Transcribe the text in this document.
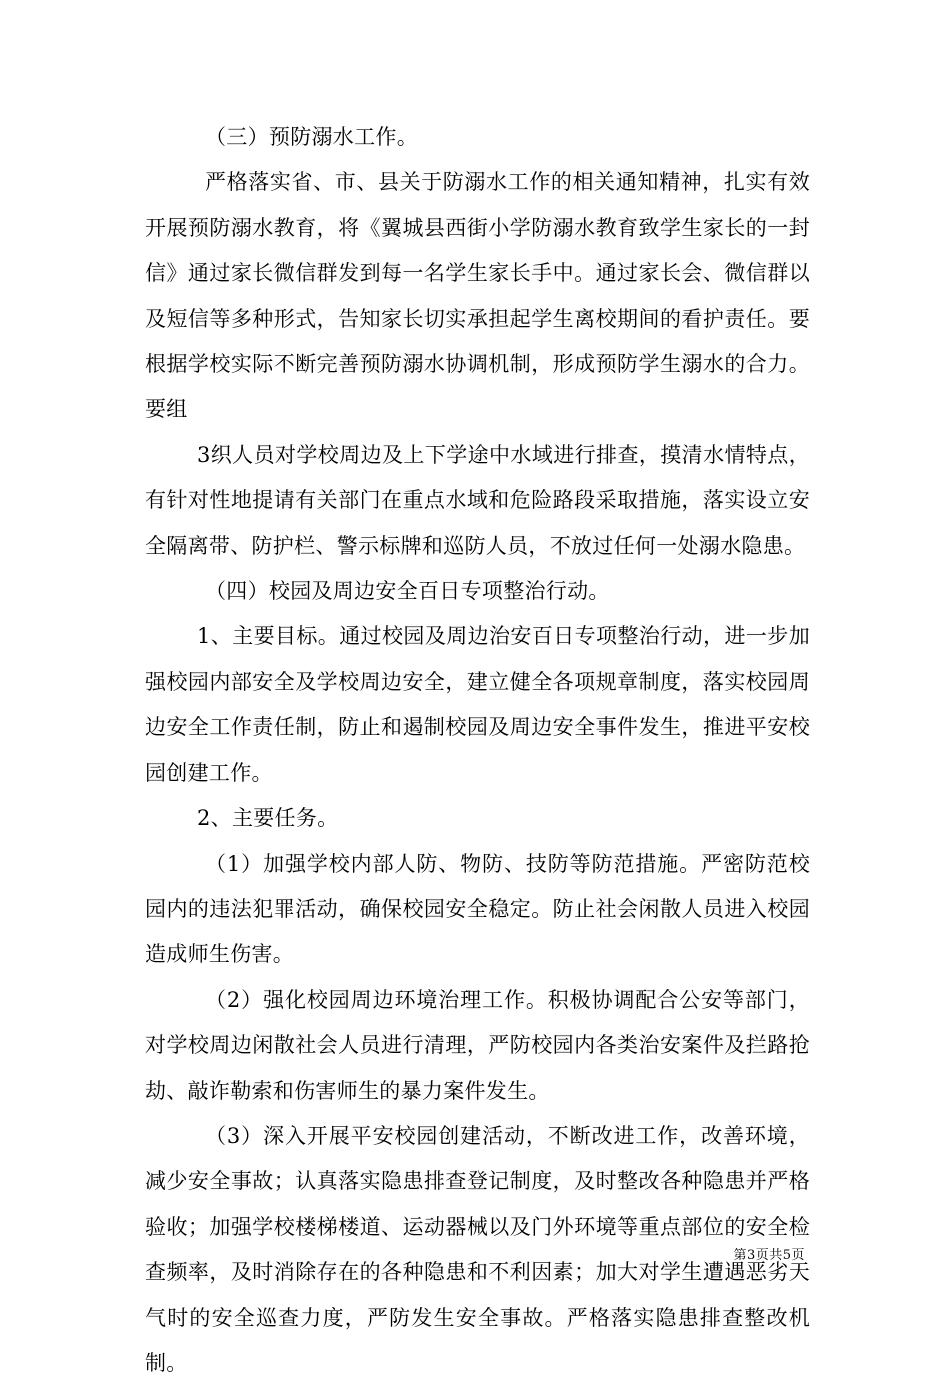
（三）预防溺水工作。

严格落实省、市、县关于防溺水工作的相关通知精神，扎实有效开展预防溺水教育，将《翼城县西街小学防溺水教育致学生家长的一封信》通过家长微信群发到每一名学生家长手中。通过家长会、微信群以及短信等多种形式，告知家长切实承担起学生离校期间的看护责任。要根据学校实际不断完善预防溺水协调机制，形成预防学生溺水的合力。要组

3织人员对学校周边及上下学途中水域进行排查，摸清水情特点，有针对性地提请有关部门在重点水域和危险路段采取措施，落实设立安全隔离带、防护栏、警示标牌和巡防人员，不放过任何一处溺水隐患。

（四）校园及周边安全百日专项整治行动。

1、主要目标。通过校园及周边治安百日专项整治行动，进一步加强校园内部安全及学校周边安全，建立健全各项规章制度，落实校园周边安全工作责任制，防止和遏制校园及周边安全事件发生，推进平安校园创建工作。

2、主要任务。

（1）加强学校内部人防、物防、技防等防范措施。严密防范校园内的违法犯罪活动，确保校园安全稳定。防止社会闲散人员进入校园造成师生伤害。

（2）强化校园周边环境治理工作。积极协调配合公安等部门，对学校周边闲散社会人员进行清理，严防校园内各类治安案件及拦路抢劫、敲诈勒索和伤害师生的暴力案件发生。

（3）深入开展平安校园创建活动，不断改进工作，改善环境，减少安全事故；认真落实隐患排查登记制度，及时整改各种隐患并严格验收；加强学校楼梯楼道、运动器械以及门外环境等重点部位的安全检查频率，及时消除存在的各种隐患和不利因素；加大对学生遭遇恶劣天气时的安全巡查力度，严防发生安全事故。严格落实隐患排查整改机制。

第3页共5页
